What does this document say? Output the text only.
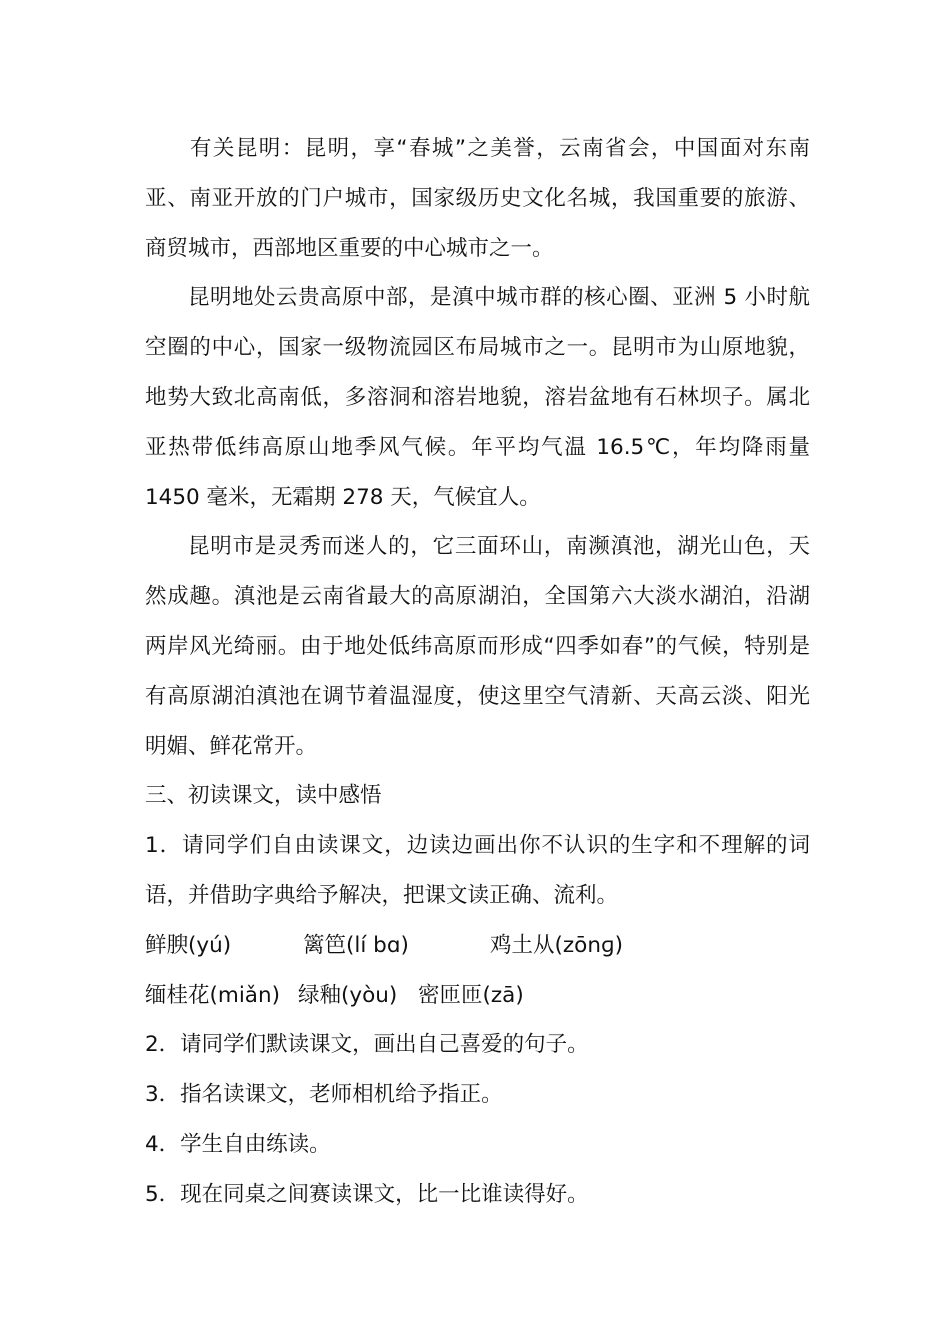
有关昆明：昆明，享“春城”之美誉，云南省会，中国面对东南亚、南亚开放的门户城市，国家级历史文化名城，我国重要的旅游、商贸城市，西部地区重要的中心城市之一。

昆明地处云贵高原中部，是滇中城市群的核心圈、亚洲 5 小时航空圈的中心，国家一级物流园区布局城市之一。昆明市为山原地貌，地势大致北高南低，多溶洞和溶岩地貌，溶岩盆地有石林坝子。属北亚热带低纬高原山地季风气候。年平均气温 16.5℃，年均降雨量 1450 毫米，无霜期 278 天，气候宜人。

昆明市是灵秀而迷人的，它三面环山，南濒滇池，湖光山色，天然成趣。滇池是云南省最大的高原湖泊，全国第六大淡水湖泊，沿湖两岸风光绮丽。由于地处低纬高原而形成“四季如春”的气候，特别是有高原湖泊滇池在调节着温湿度，使这里空气清新、天高云淡、阳光明媚、鲜花常开。

三、初读课文，读中感悟

1．请同学们自由读课文，边读边画出你不认识的生字和不理解的词语，并借助字典给予解决，把课文读正确、流利。

鲜腴(yú)	篱笆(lí bɑ)	鸡土从(zōnɡ)
缅桂花(miǎn) 绿釉(yòu) 密匝匝(zā)

2．请同学们默读课文，画出自己喜爱的句子。

3．指名读课文，老师相机给予指正。

4．学生自由练读。

5．现在同桌之间赛读课文，比一比谁读得好。
